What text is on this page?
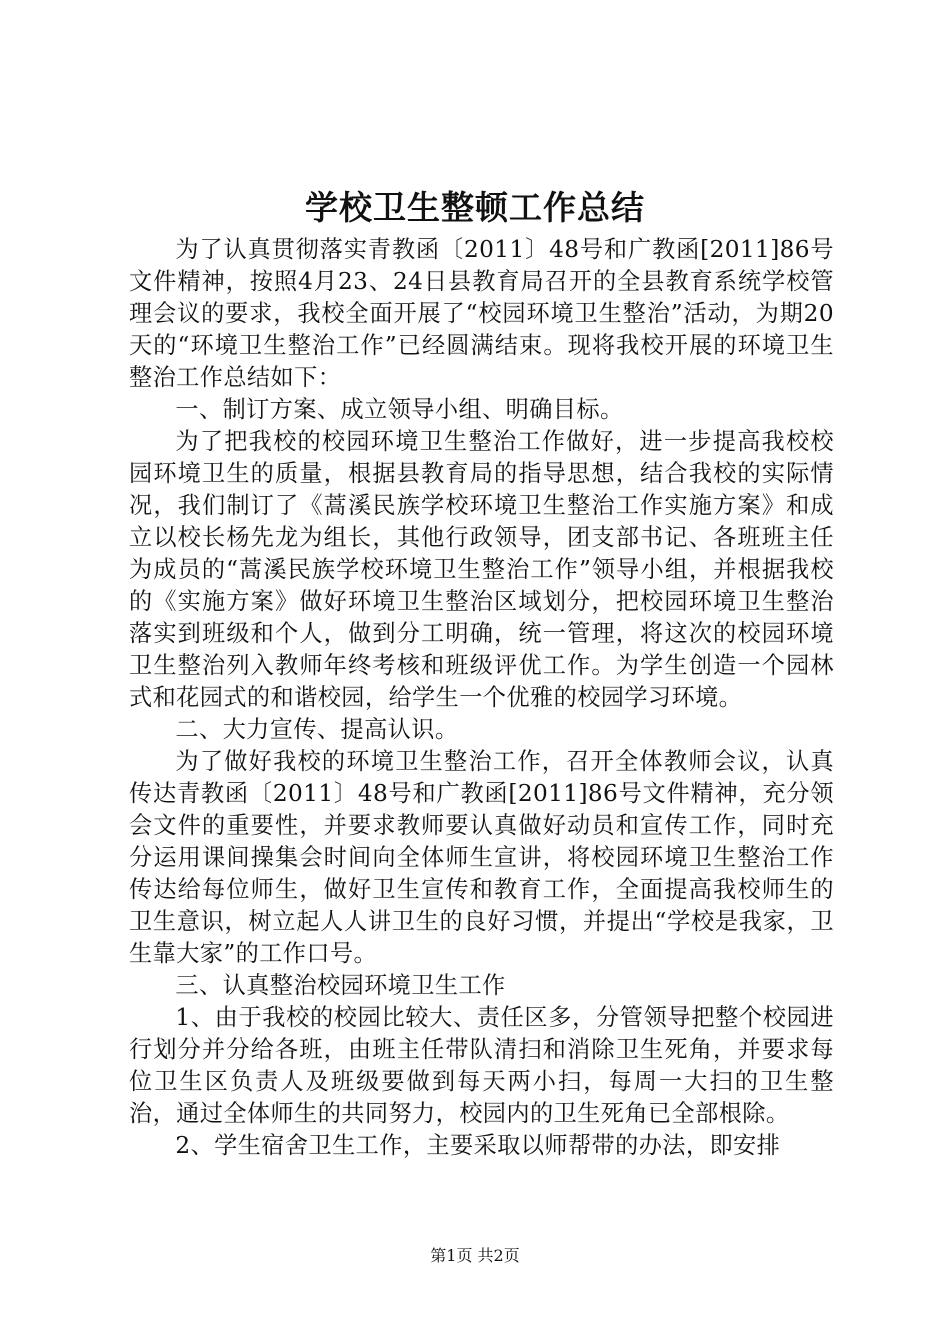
学校卫生整顿工作总结

为了认真贯彻落实青教函〔2011〕48号和广教函[2011]86号文件精神，按照4月23、24日县教育局召开的全县教育系统学校管理会议的要求，我校全面开展了“校园环境卫生整治”活动，为期20天的“环境卫生整治工作”已经圆满结束。现将我校开展的环境卫生整治工作总结如下：

一、制订方案、成立领导小组、明确目标。

为了把我校的校园环境卫生整治工作做好，进一步提高我校校园环境卫生的质量，根据县教育局的指导思想，结合我校的实际情况，我们制订了《蒿溪民族学校环境卫生整治工作实施方案》和成立以校长杨先龙为组长，其他行政领导，团支部书记、各班班主任为成员的“蒿溪民族学校环境卫生整治工作”领导小组，并根据我校的《实施方案》做好环境卫生整治区域划分，把校园环境卫生整治落实到班级和个人，做到分工明确，统一管理，将这次的校园环境卫生整治列入教师年终考核和班级评优工作。为学生创造一个园林式和花园式的和谐校园，给学生一个优雅的校园学习环境。

二、大力宣传、提高认识。

为了做好我校的环境卫生整治工作，召开全体教师会议，认真传达青教函〔2011〕48号和广教函[2011]86号文件精神，充分领会文件的重要性，并要求教师要认真做好动员和宣传工作，同时充分运用课间操集会时间向全体师生宣讲，将校园环境卫生整治工作传达给每位师生，做好卫生宣传和教育工作，全面提高我校师生的卫生意识，树立起人人讲卫生的良好习惯，并提出“学校是我家，卫生靠大家”的工作口号。

三、认真整治校园环境卫生工作

1、由于我校的校园比较大、责任区多，分管领导把整个校园进行划分并分给各班，由班主任带队清扫和消除卫生死角，并要求每位卫生区负责人及班级要做到每天两小扫，每周一大扫的卫生整治，通过全体师生的共同努力，校园内的卫生死角已全部根除。

2、学生宿舍卫生工作，主要采取以师帮带的办法，即安排

第1页 共2页
